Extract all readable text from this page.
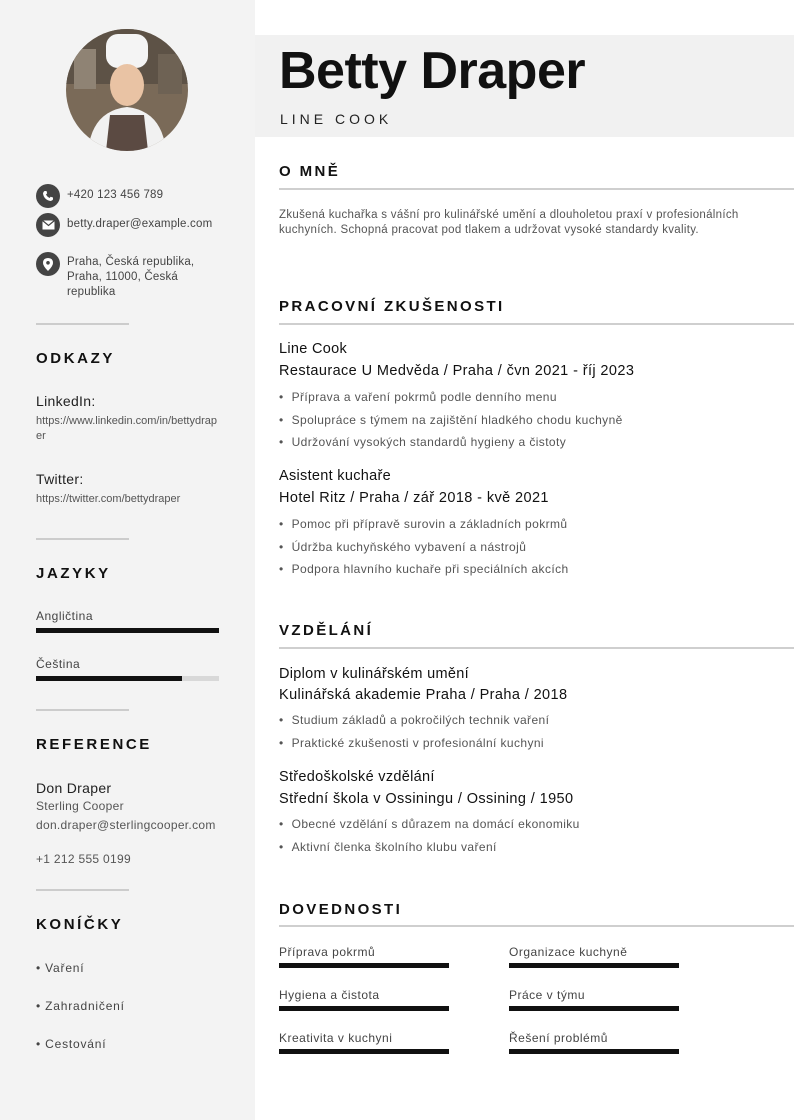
+420 123 456 789
betty.draper@example.com
Praha, Česká republika, Praha, 11000, Česká republika
ODKAZY
LinkedIn:
https://www.linkedin.com/in/bettydraper
Twitter:
https://twitter.com/bettydraper
JAZYKY
Angličtina
Čeština
REFERENCE
Don Draper
Sterling Cooper
don.draper@sterlingcooper.com
+1 212 555 0199
KONÍČKY
• Vaření
• Zahradničení
• Cestování
Betty Draper
LINE COOK
O MNĚ
Zkušená kuchařka s vášní pro kulinářské umění a dlouholetou praxí v profesionálních kuchyních. Schopná pracovat pod tlakem a udržovat vysoké standardy kvality.
PRACOVNÍ ZKUŠENOSTI
Line Cook
Restaurace U Medvěda / Praha / čvn 2021 - říj 2023
• Příprava a vaření pokrmů podle denního menu
• Spolupráce s týmem na zajištění hladkého chodu kuchyně
• Udržování vysokých standardů hygieny a čistoty
Asistent kuchaře
Hotel Ritz / Praha / zář 2018 - kvě 2021
• Pomoc při přípravě surovin a základních pokrmů
• Údržba kuchyňského vybavení a nástrojů
• Podpora hlavního kuchaře při speciálních akcích
VZDĚLÁNÍ
Diplom v kulinářském umění
Kulinářská akademie Praha / Praha / 2018
• Studium základů a pokročilých technik vaření
• Praktické zkušenosti v profesionální kuchyni
Středoškolské vzdělání
Střední škola v Ossiningu / Ossining / 1950
• Obecné vzdělání s důrazem na domácí ekonomiku
• Aktivní členka školního klubu vaření
DOVEDNOSTI
Příprava pokrmů	Organizace kuchyně
Hygiena a čistota	Práce v týmu
Kreativita v kuchyni	Řešení problémů
